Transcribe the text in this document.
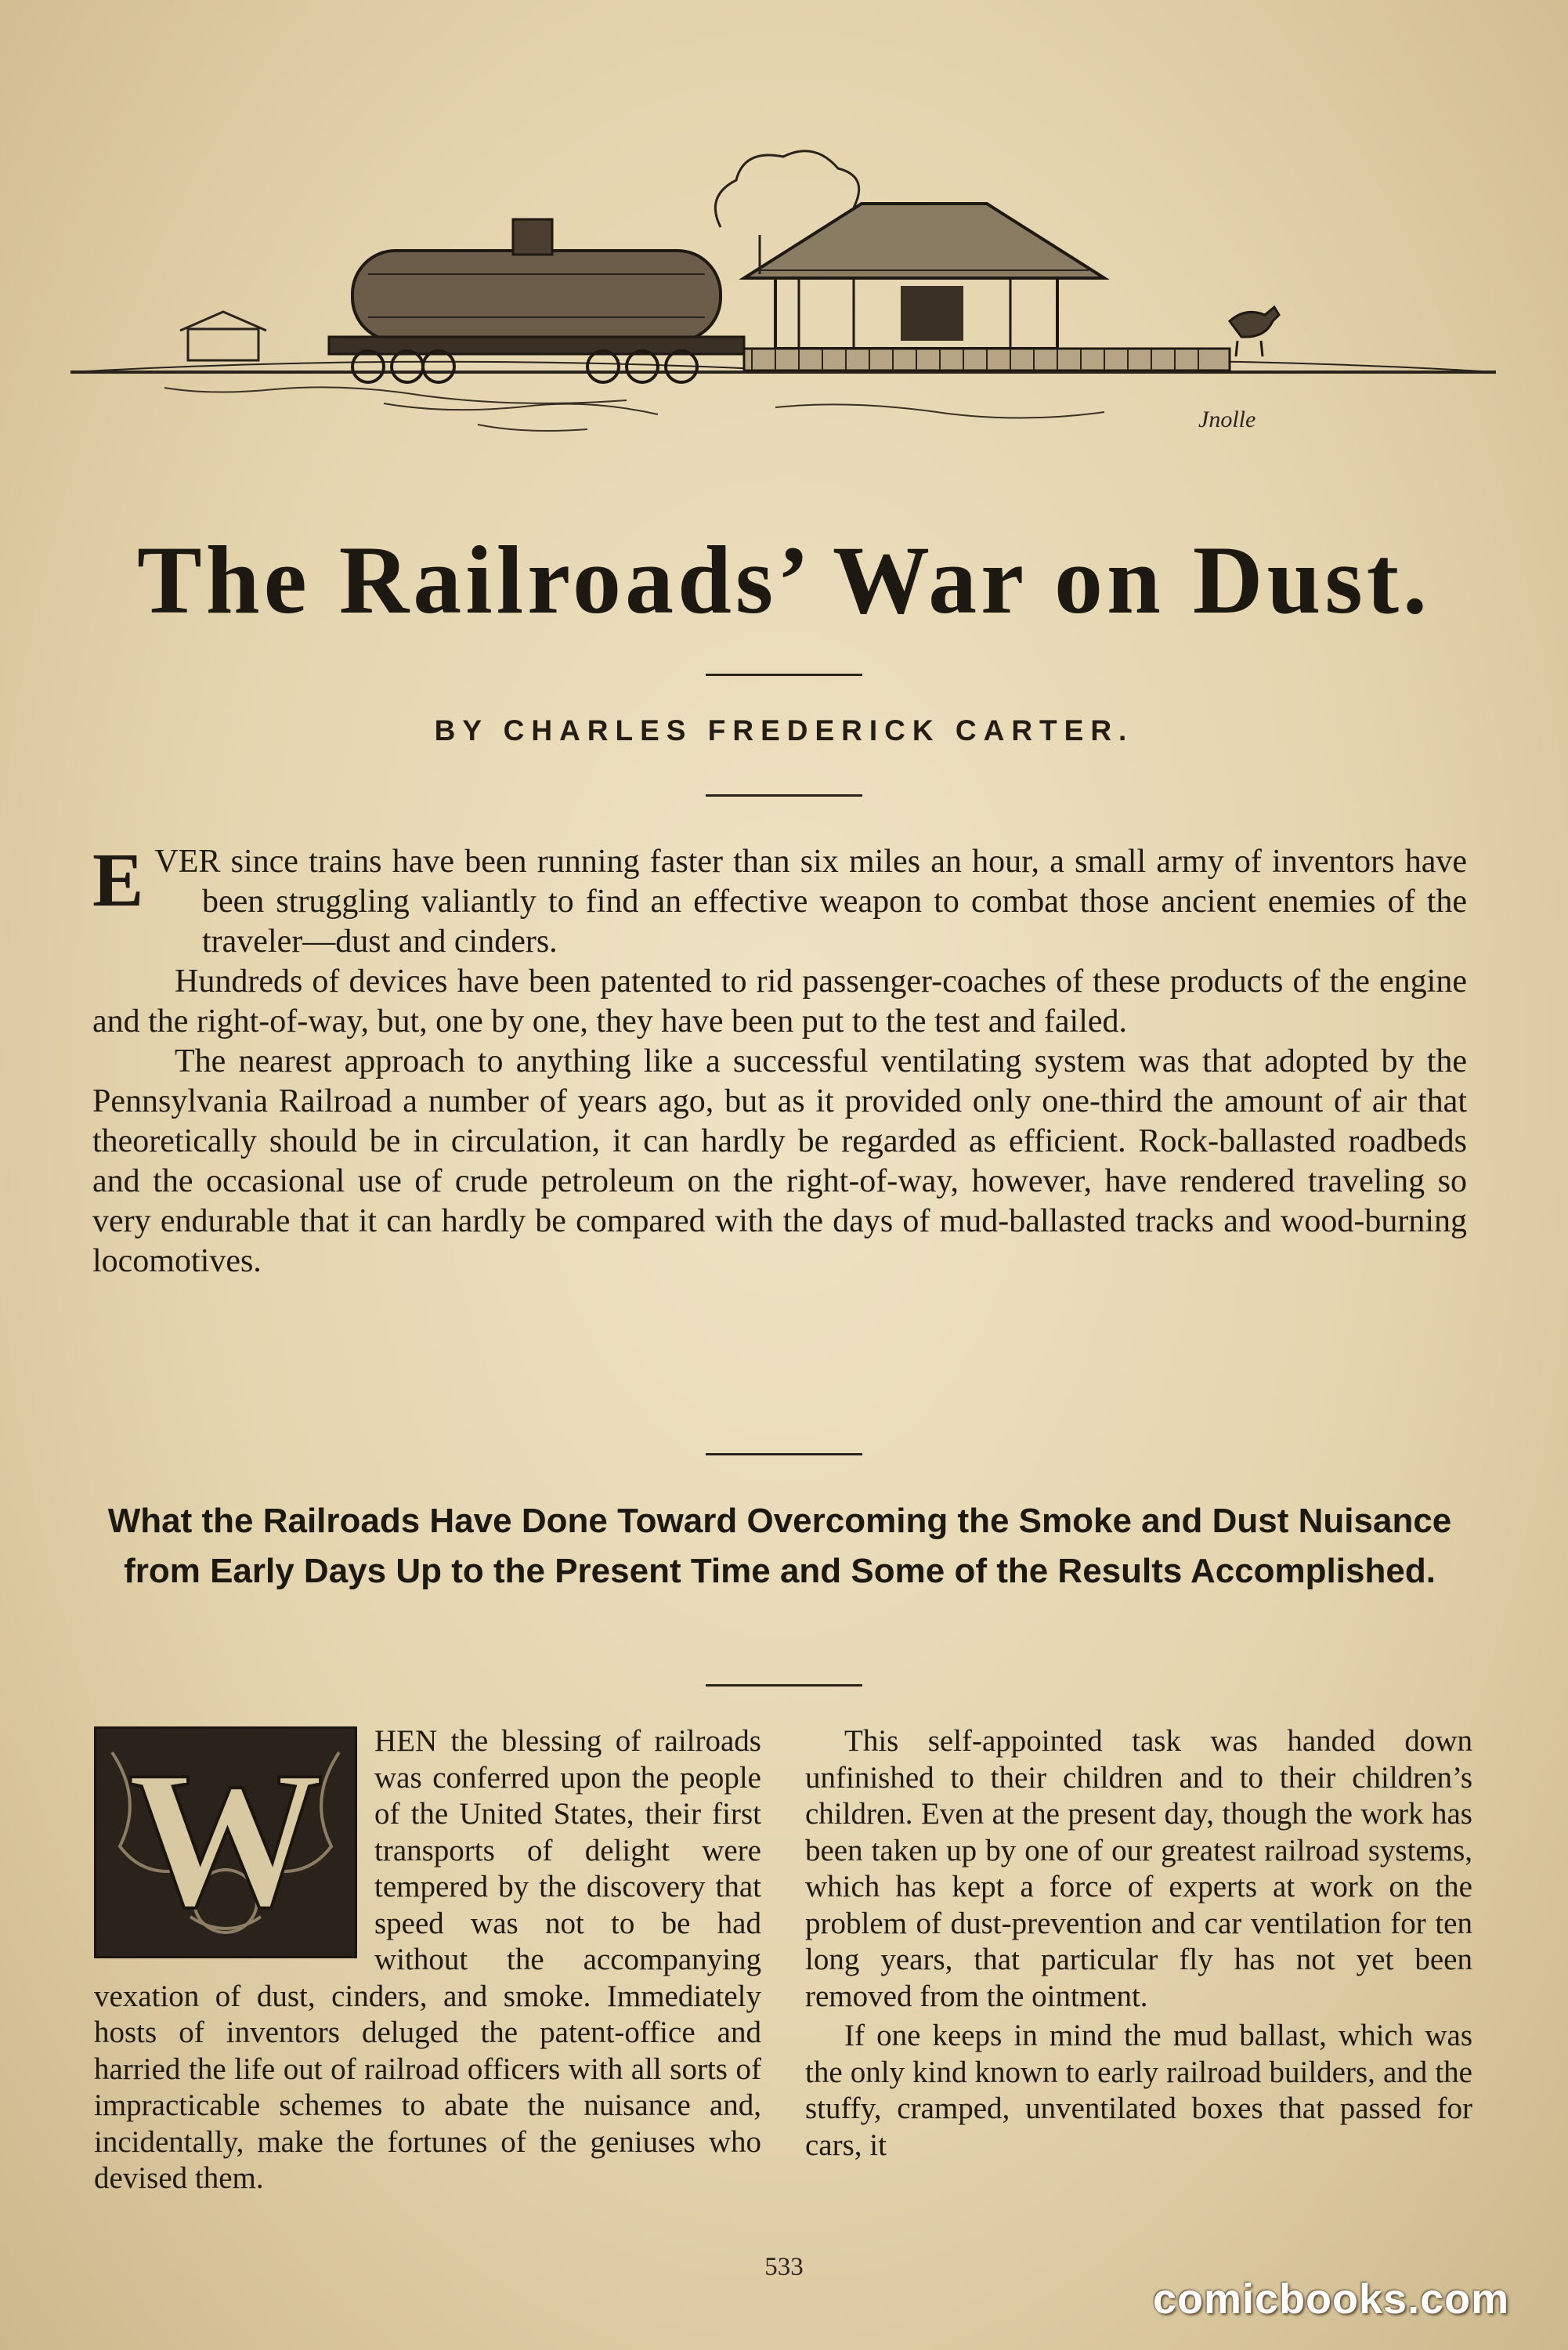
Jnolle
The Railroads’ War on Dust.
BY CHARLES FREDERICK CARTER.

EVER since trains have been running faster than six miles an hour, a small army of inventors have been struggling valiantly to find an effective weapon to combat those ancient enemies of the traveler—dust and cinders.

Hundreds of devices have been patented to rid passenger-coaches of these products of the engine and the right-of-way, but, one by one, they have been put to the test and failed.

The nearest approach to anything like a successful ventilating system was that adopted by the Pennsylvania Railroad a number of years ago, but as it provided only one-third the amount of air that theoretically should be in circulation, it can hardly be regarded as efficient. Rock-ballasted roadbeds and the occasional use of crude petroleum on the right-of-way, however, have rendered traveling so very endurable that it can hardly be compared with the days of mud-ballasted tracks and wood-burning locomotives.

What the Railroads Have Done Toward Overcoming the Smoke and Dust Nuisance from Early Days Up to the Present Time and Some of the Results Accomplished.

W HEN the blessing of railroads was conferred upon the people of the United States, their first transports of delight were tempered by the discovery that speed was not to be had without the accompanying vexation of dust, cinders, and smoke. Immediately hosts of inventors deluged the patent-office and harried the life out of railroad officers with all sorts of impracticable schemes to abate the nuisance and, incidentally, make the fortunes of the geniuses who devised them.

This self-appointed task was handed down unfinished to their children and to their children’s children. Even at the present day, though the work has been taken up by one of our greatest railroad systems, which has kept a force of experts at work on the problem of dust-prevention and car ventilation for ten long years, that particular fly has not yet been removed from the ointment.

If one keeps in mind the mud ballast, which was the only kind known to early railroad builders, and the stuffy, cramped, unventilated boxes that passed for cars, it

533
comicbooks.com
